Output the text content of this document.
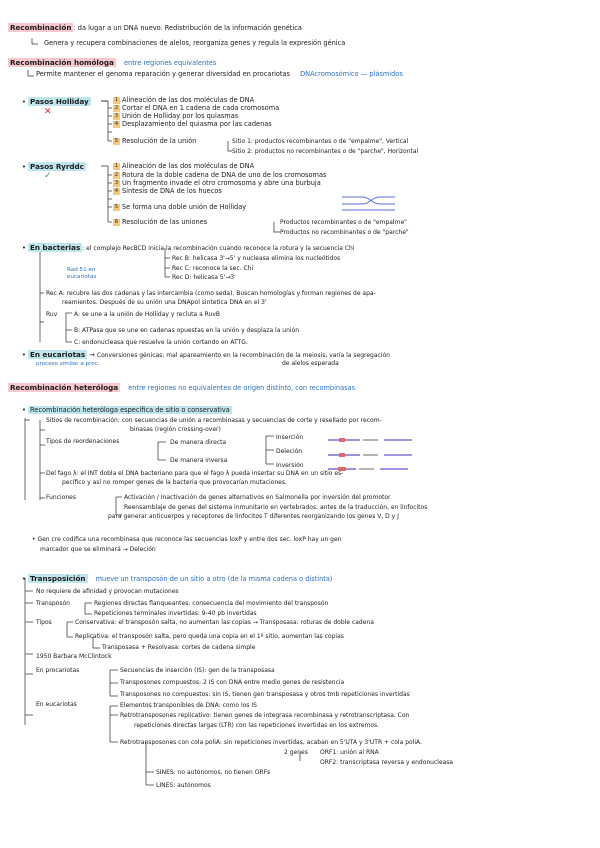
Recombinación : da lugar a un DNA nuevo. Redistribución de la información genética
Genera y recupera combinaciones de alelos, reorganiza genes y regula la expresión génica
Recombinación homóloga entre regiones equivalentes
Permite mantener el genoma reparación y generar diversidad en procariotas DNAcromosómico — plásmidos
• Pasos Holliday
✕
1 Alineación de las dos moléculas de DNA
2 Cortar el DNA en 1 cadena de cada cromosoma
3 Unión de Holliday por los quiasmas
4 Desplazamiento del quiasma por las cadenas
5 Resolución de la unión	Sitio 1: productos recombinantes o de "empalme", Vertical
Sitio 2: productos no recombinantes o de "parche", Horizontal
• Pasos Ryrddc
✓
1 Alineación de las dos moléculas de DNA
2 Rotura de la doble cadena de DNA de uno de los cromosomas
3 Un fragmento invade el otro cromosoma y abre una burbuja
4 Síntesis de DNA de los huecos
5 Se forma una doble unión de Holliday
6 Resolución de las uniones	Productos recombinantes o de "empalme"
Productos no recombinantes o de "parche"
• En bacterias : el complejo RecBCD inicia la recombinación cuando reconoce la rotura y la secuencia Chi
Rec B: helicasa 3'→5' y nucleasa elimina los nucleótidos
Rec C: reconoce la sec. Chi
Rec D: helicasa 5'→3'
Rad 51 en eucariotas
Rec A: recubre las dos cadenas y las intercambia (como seda). Buscan homologías y forman regiones de apa-
reamientos. Después de su unión una DNApol sintetica DNA en el 3'
Ruv	A: se une a la unión de Holliday y recluta a RuvB
B: ATPasa que se une en cadenas opuestas en la unión y desplaza la unión
C: endonucleasa que resuelve la unión cortando en ATTG.
• En eucariotas → Conversiones génicas: mal apareamiento en la recombinación de la meiosis, varía la segregación
de alelos esperada
proceso similar a proc.
Recombinación heteróloga entre regiones no equivalentes de origen distinto, con recombinasas
• Recombinación heteróloga específica de sitio o conservativa
Sitios de recombinación: con secuencias de unión a recombinasas y secuencias de corte y resellado por recom-
binasas (región crossing-over)
Tipos de reordenaciones	De manera directa
De manera inversa
Inserción
Deleción
Inversión
Del fago λ: el INT dobla el DNA bacteriano para que el fago λ pueda insertar su DNA en un sitio es-
pecífico y así no romper genes de la bacteria que provocarían mutaciones.
Funciones	Activación / Inactivación de genes alternativos en Salmonella por inversión del promotor
Reensamblaje de genes del sistema inmunitario en vertebrados: antes de la traducción, en linfocitos
para generar anticuerpos y receptores de linfocitos T diferentes reorganizando los genes V, D y J
• Gen cre codifica una recombinasa que reconoce las secuencias loxP y entre dos sec. loxP hay un gen
marcador que se eliminará → Deleción
• Transposición mueve un transposón de un sitio a otro (de la misma cadena o distinta)
No requiere de afinidad y provocan mutaciones
Transposón	Regiones directas flanqueantes: consecuencia del movimiento del transposón
Repeticiones terminales invertidas: 9-40 pb invertidas
Tipos	Conservativa: el transposón salta, no aumentan las copias → Transposasa: roturas de doble cadena
Replicativa: el transposón salta, pero queda una copia en el 1º sitio, aumentan las copias
Transposasa + Resolvasa: cortes de cadena simple
1950 Barbara McClintock
En procariotas	Secuencias de inserción (IS): gen de la transposasa
Transposones compuestos: 2 IS con DNA entre medio genes de resistencia
Transposones no compuestos: sin IS, tienen gen transposasa y otros tmb repeticiones invertidas
En eucariotas	Elementos transponibles de DNA: como los IS
Retrotransposones replicativo: tienen genes de integrasa recombinasa y retrotranscriptasa. Con
repeticiones directas largas (LTR) con las repeticiones invertidas en los extremos.
Retrotransposones con cola poliA: sin repeticiones invertidas, acaban en 5'UTA y 3'UTR + cola poliA.
2 genes ORF1: unión al RNA
ORF2: transcriptasa reversa y endonucleasa
SINES: no autónomos, no tienen ORFs
LINES: autónomos
